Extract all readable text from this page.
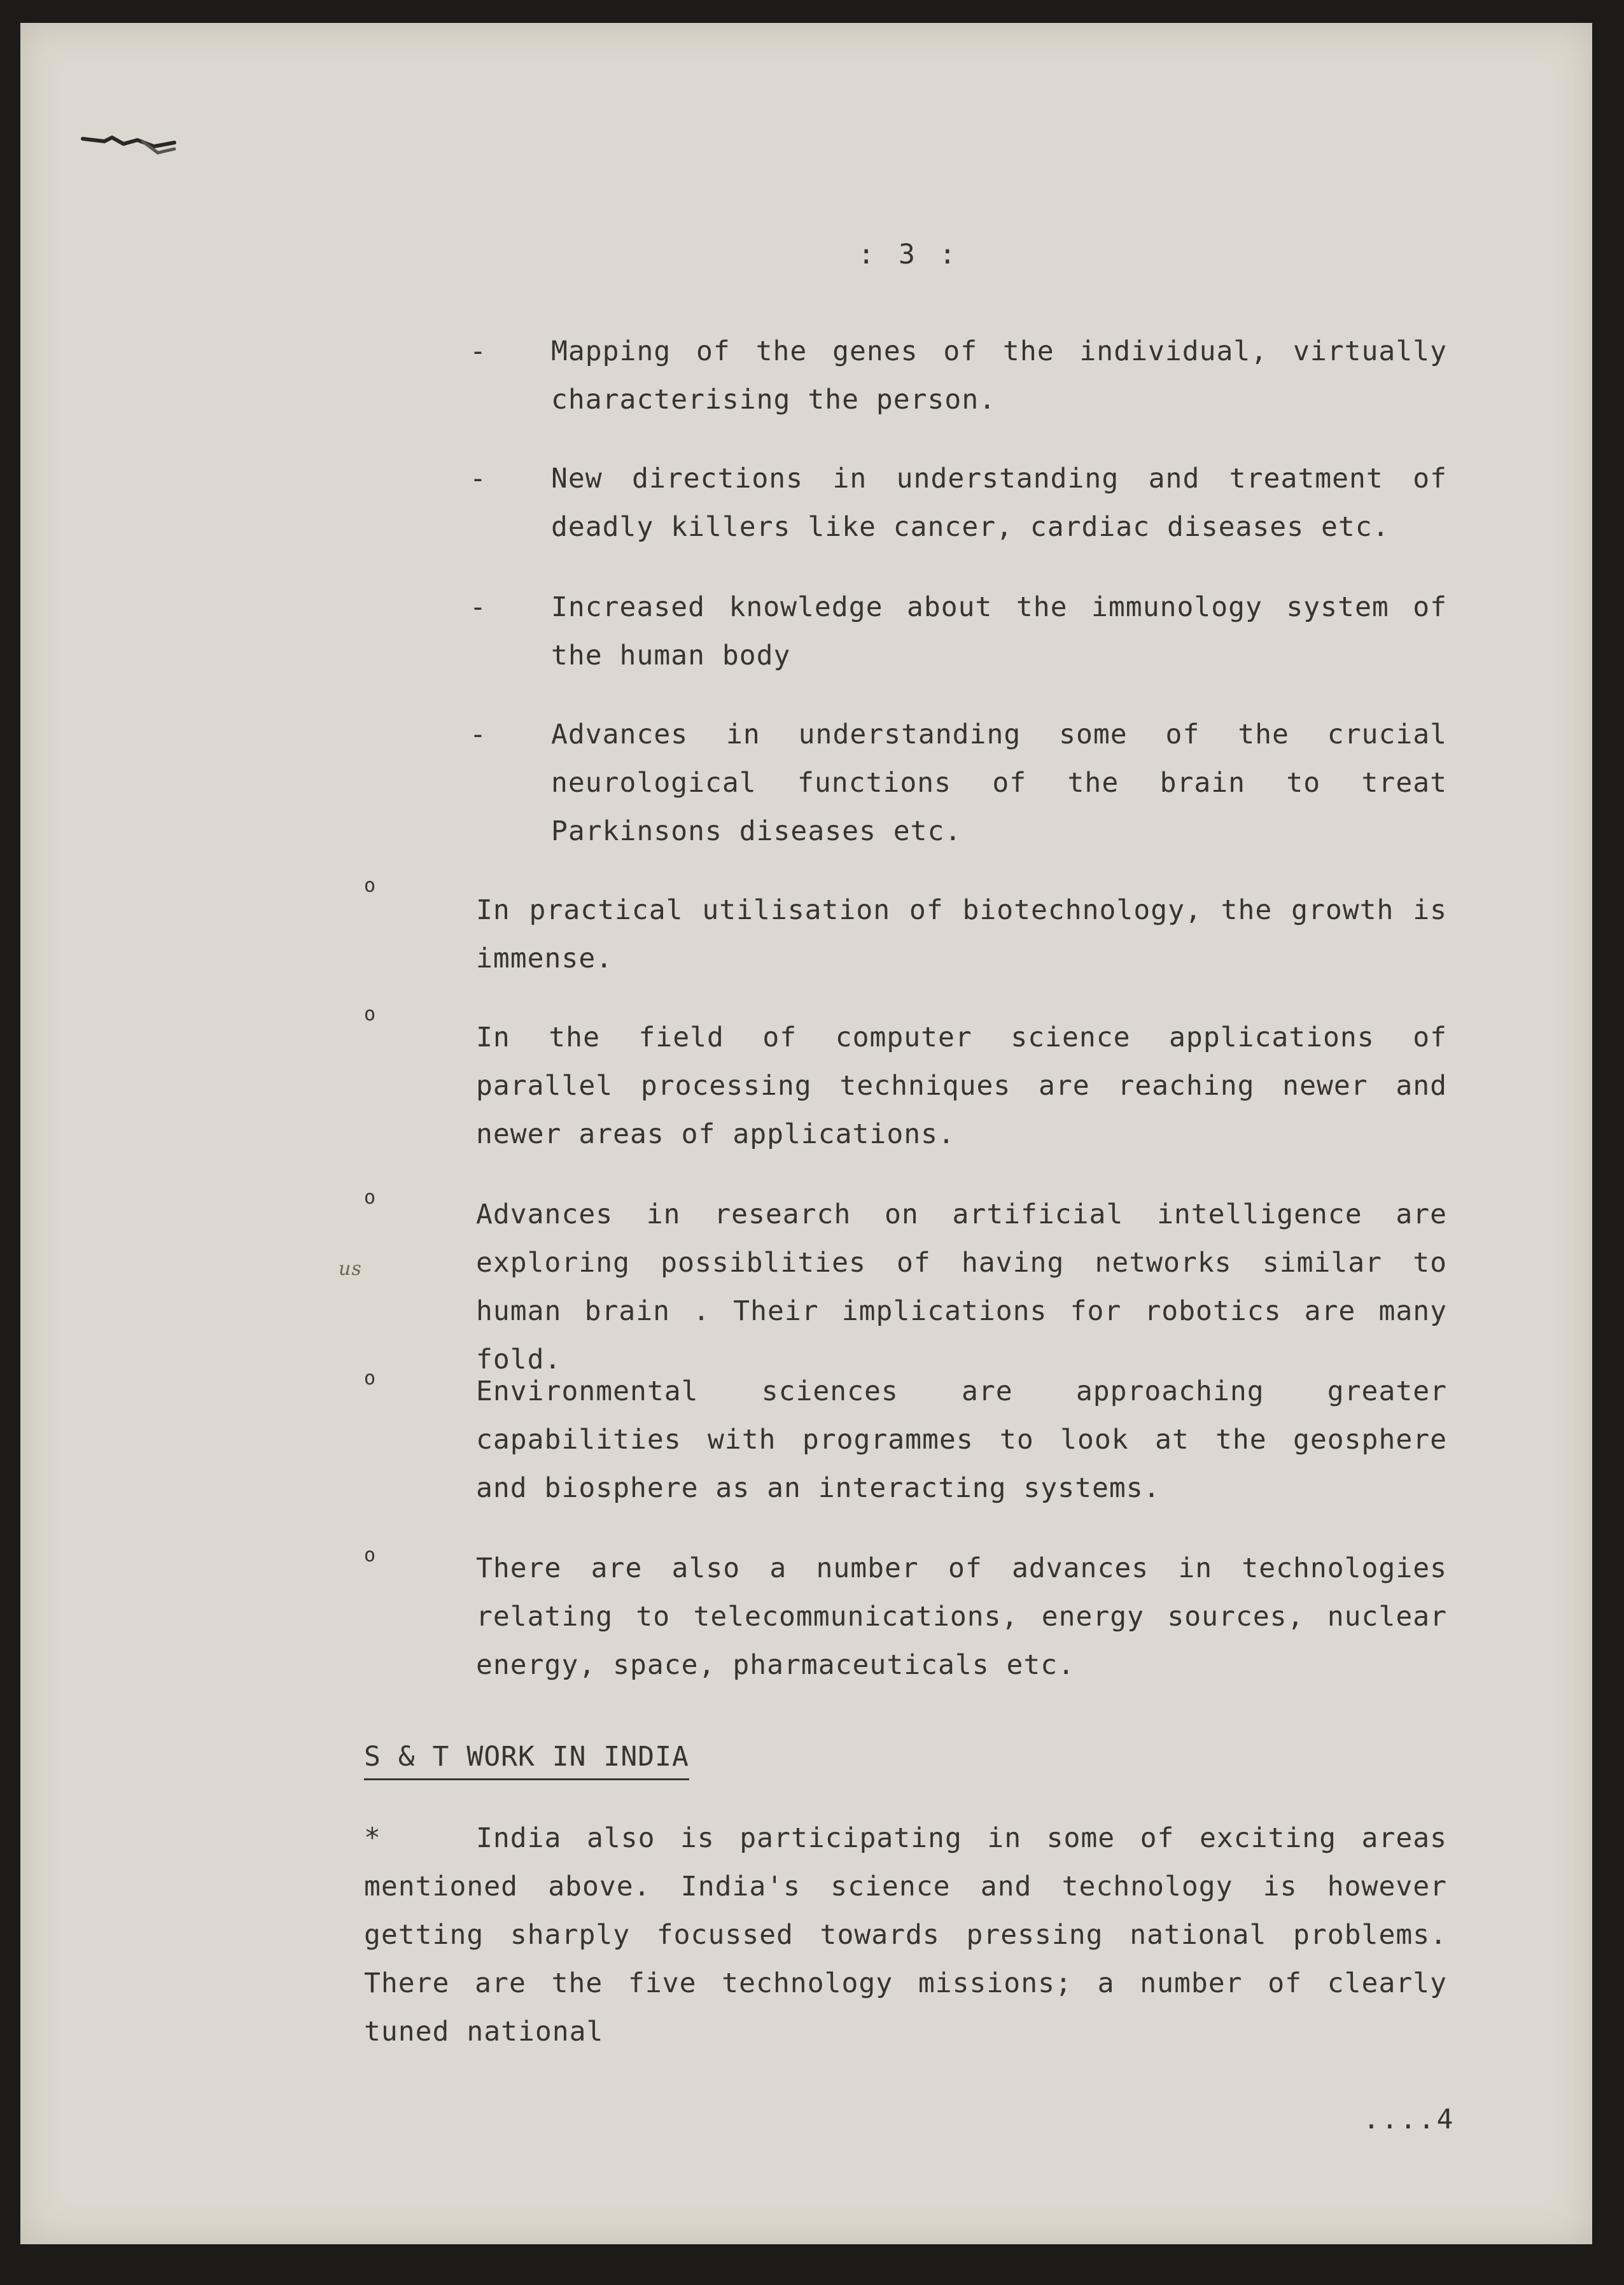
: 3 :
- Mapping of the genes of the individual, virtually characterising the person.

- New directions in understanding and treatment of deadly killers like cancer, cardiac diseases etc.

- Increased knowledge about the immunology system of the human body

- Advances in understanding some of the crucial neurological functions of the brain to treat Parkinsons diseases etc.

o

In practical utilisation of biotechnology, the growth is immense.

o

In the field of computer science applications of parallel processing techniques are reaching newer and newer areas of applications.

o

Advances in research on artificial intelligence are exploring possiblities of having networks similar to human brain . Their implications for robotics are many fold.

us
o	Environmental sciences are approaching greater capabilities with programmes to look at the geosphere and biosphere as an interacting systems.

o	There are also a number of advances in technologies relating to telecommunications, energy sources, nuclear energy, space, pharmaceuticals etc.

S & T WORK IN INDIA
*	India also is participating in some of exciting areas mentioned above. India's science and technology is however getting sharply focussed towards pressing national problems. There are the five technology missions; a number of clearly tuned national

....4
